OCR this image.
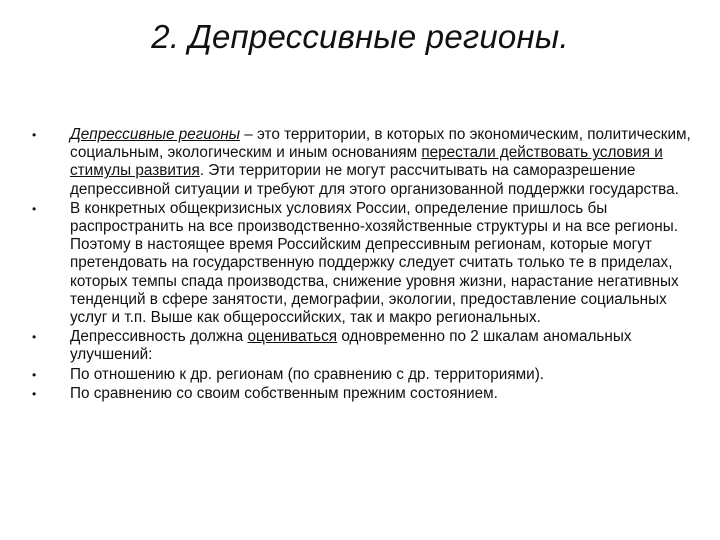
2. Депрессивные регионы.
• Депрессивные регионы – это территории, в которых по экономическим, политическим, социальным, экологическим и иным основаниям перестали действовать условия и стимулы развития. Эти территории не могут рассчитывать на саморазрешение депрессивной ситуации и требуют для этого организованной поддержки государства.
• В конкретных общекризисных условиях России, определение пришлось бы распространить на все производственно-хозяйственные структуры и на все регионы. Поэтому в настоящее время Российским депрессивным регионам, которые могут претендовать на государственную поддержку следует считать только те в приделах, которых темпы спада производства, снижение уровня жизни, нарастание негативных тенденций в сфере занятости, демографии, экологии, предоставление социальных услуг и т.п. Выше как общероссийских, так и макро региональных.
• Депрессивность должна оцениваться одновременно по 2 шкалам аномальных улучшений:
• По отношению к др. регионам (по сравнению с др. территориями).
• По сравнению со своим собственным прежним состоянием.
